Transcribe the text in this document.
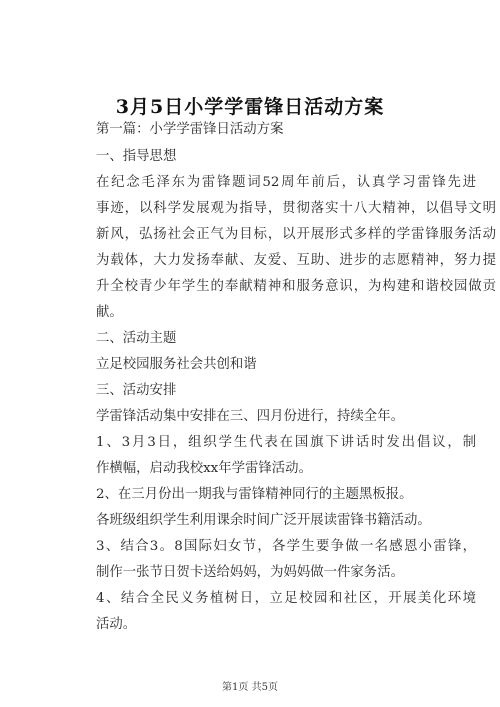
3月5日小学学雷锋日活动方案
第一篇：小学学雷锋日活动方案
一、指导思想
在纪念毛泽东为雷锋题词52周年前后，认真学习雷锋先进
事迹，以科学发展观为指导，贯彻落实十八大精神，以倡导文明
新风，弘扬社会正气为目标，以开展形式多样的学雷锋服务活动
为载体，大力发扬奉献、友爱、互助、进步的志愿精神，努力提
升全校青少年学生的奉献精神和服务意识，为构建和谐校园做贡
献。
二、活动主题
立足校园服务社会共创和谐
三、活动安排
学雷锋活动集中安排在三、四月份进行，持续全年。
1、3月3日，组织学生代表在国旗下讲话时发出倡议，制
作横幅，启动我校xx年学雷锋活动。
2、在三月份出一期我与雷锋精神同行的主题黑板报。
各班级组织学生利用课余时间广泛开展读雷锋书籍活动。
3、结合3。8国际妇女节，各学生要争做一名感恩小雷锋，
制作一张节日贺卡送给妈妈，为妈妈做一件家务活。
4、结合全民义务植树日，立足校园和社区，开展美化环境
活动。
第1页 共5页
